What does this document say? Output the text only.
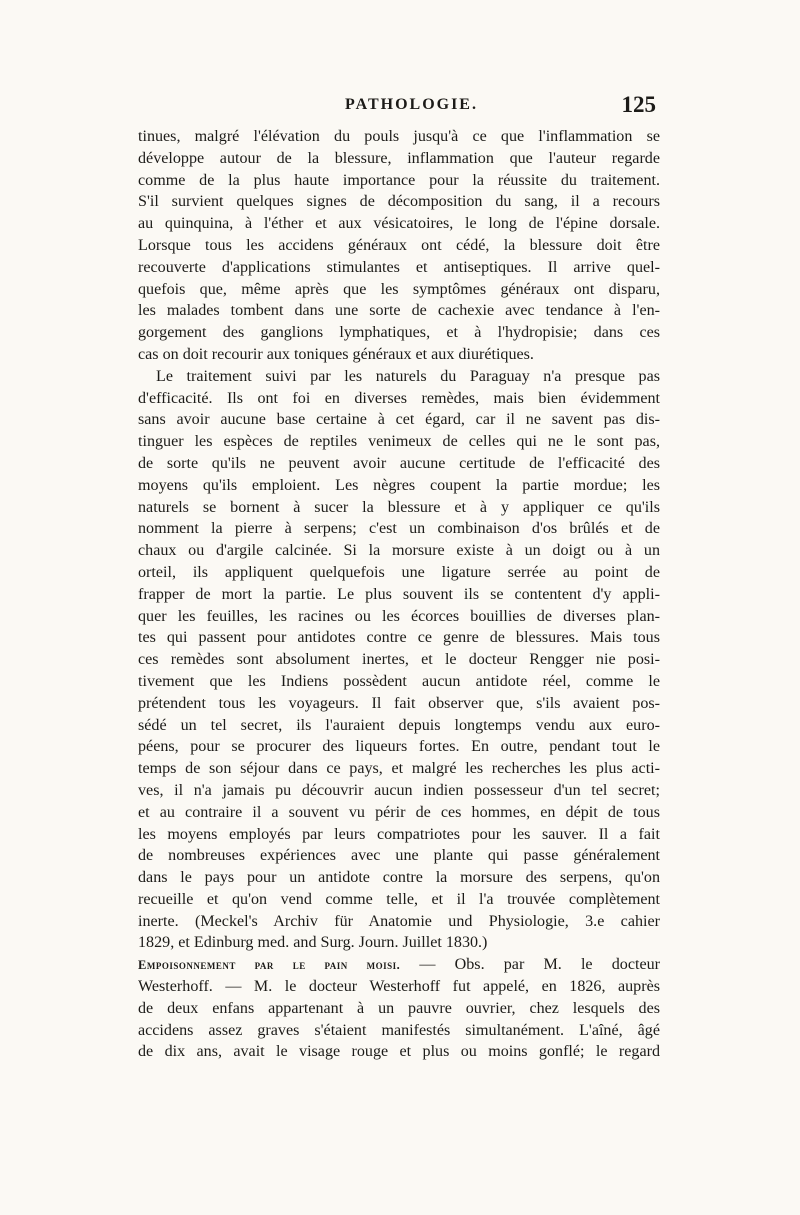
PATHOLOGIE.	125
tinues, malgré l'élévation du pouls jusqu'à ce que l'inflammation se
développe autour de la blessure, inflammation que l'auteur regarde
comme de la plus haute importance pour la réussite du traitement.
S'il survient quelques signes de décomposition du sang, il a recours
au quinquina, à l'éther et aux vésicatoires, le long de l'épine dorsale.
Lorsque tous les accidens généraux ont cédé, la blessure doit être
recouverte d'applications stimulantes et antiseptiques. Il arrive quel-
quefois que, même après que les symptômes généraux ont disparu,
les malades tombent dans une sorte de cachexie avec tendance à l'en-
gorgement des ganglions lymphatiques, et à l'hydropisie; dans ces
cas on doit recourir aux toniques généraux et aux diurétiques.
Le traitement suivi par les naturels du Paraguay n'a presque pas
d'efficacité. Ils ont foi en diverses remèdes, mais bien évidemment
sans avoir aucune base certaine à cet égard, car il ne savent pas dis-
tinguer les espèces de reptiles venimeux de celles qui ne le sont pas,
de sorte qu'ils ne peuvent avoir aucune certitude de l'efficacité des
moyens qu'ils emploient. Les nègres coupent la partie mordue; les
naturels se bornent à sucer la blessure et à y appliquer ce qu'ils
nomment la pierre à serpens; c'est un combinaison d'os brûlés et de
chaux ou d'argile calcinée. Si la morsure existe à un doigt ou à un
orteil, ils appliquent quelquefois une ligature serrée au point de
frapper de mort la partie. Le plus souvent ils se contentent d'y appli-
quer les feuilles, les racines ou les écorces bouillies de diverses plan-
tes qui passent pour antidotes contre ce genre de blessures. Mais tous
ces remèdes sont absolument inertes, et le docteur Rengger nie posi-
tivement que les Indiens possèdent aucun antidote réel, comme le
prétendent tous les voyageurs. Il fait observer que, s'ils avaient pos-
sédé un tel secret, ils l'auraient depuis longtemps vendu aux euro-
péens, pour se procurer des liqueurs fortes. En outre, pendant tout le
temps de son séjour dans ce pays, et malgré les recherches les plus acti-
ves, il n'a jamais pu découvrir aucun indien possesseur d'un tel secret;
et au contraire il a souvent vu périr de ces hommes, en dépit de tous
les moyens employés par leurs compatriotes pour les sauver. Il a fait
de nombreuses expériences avec une plante qui passe généralement
dans le pays pour un antidote contre la morsure des serpens, qu'on
recueille et qu'on vend comme telle, et il l'a trouvée complètement
inerte. (Meckel's Archiv für Anatomie und Physiologie, 3.e cahier
1829, et Edinburg med. and Surg. Journ. Juillet 1830.)
Empoisonnement par le pain moisi. — Obs. par M. le docteur
Westerhoff. — M. le docteur Westerhoff fut appelé, en 1826, auprès
de deux enfans appartenant à un pauvre ouvrier, chez lesquels des
accidens assez graves s'étaient manifestés simultanément. L'aîné, âgé
de dix ans, avait le visage rouge et plus ou moins gonflé; le regard
